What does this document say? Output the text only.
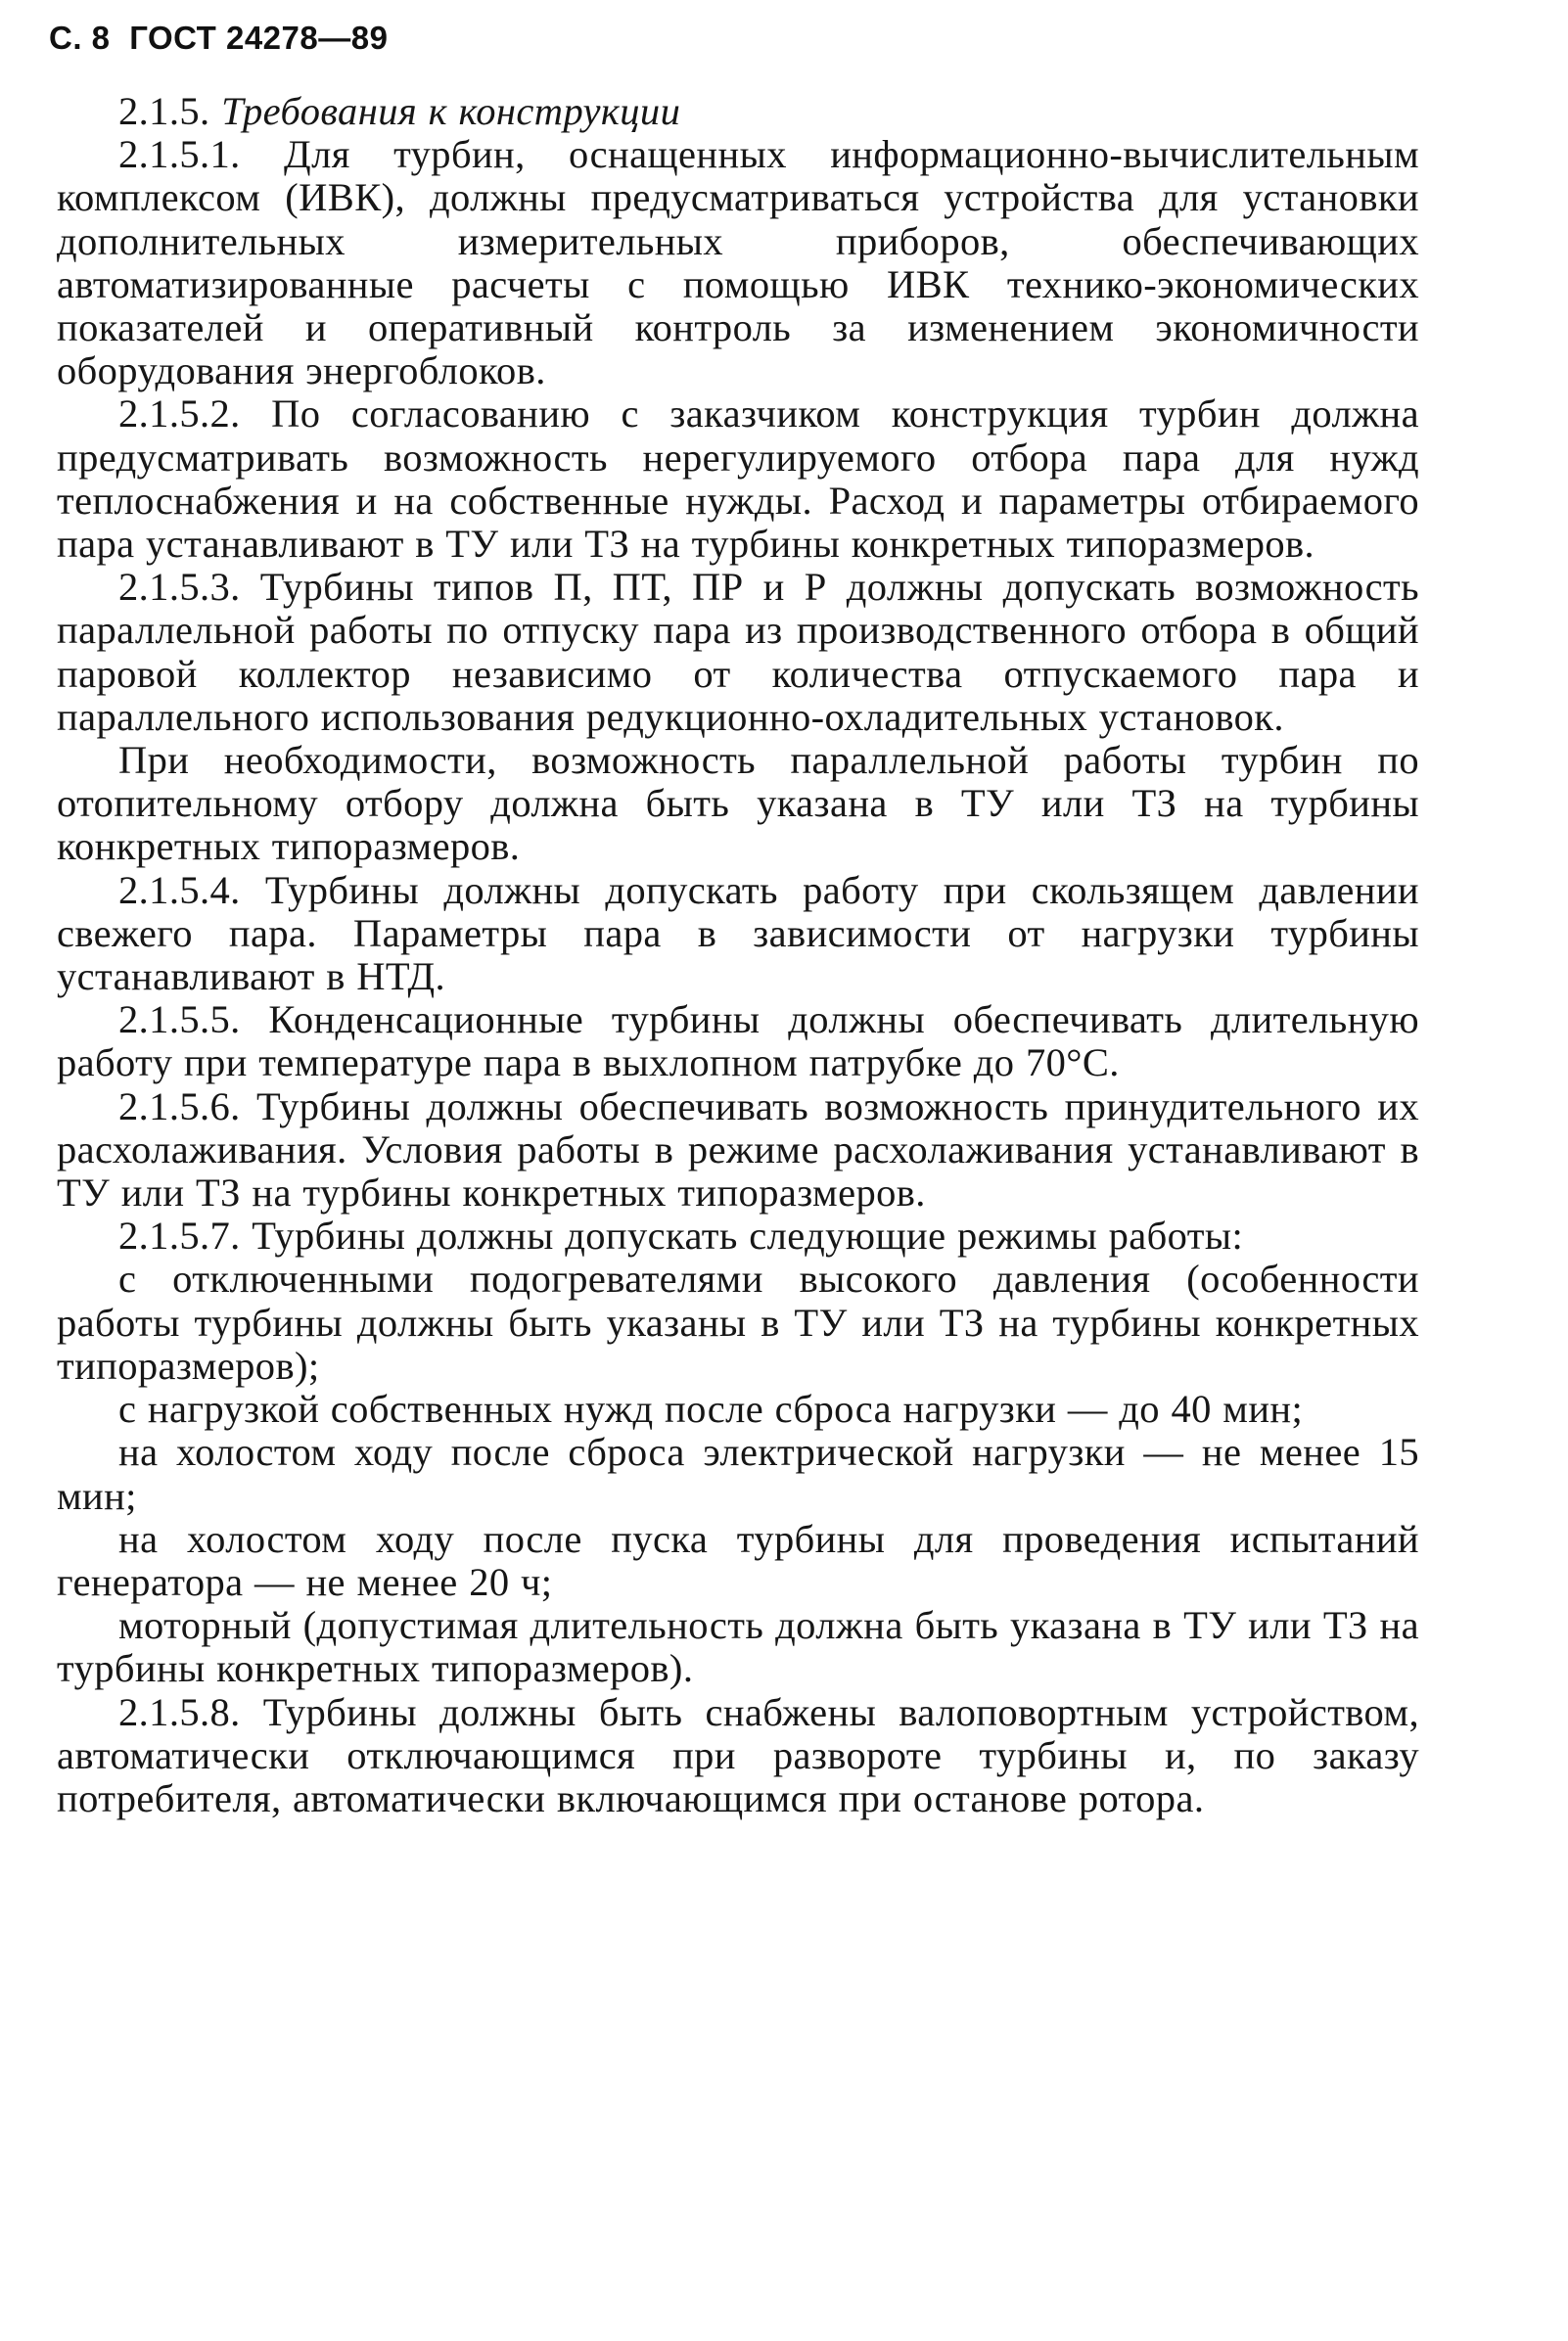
С. 8 ГОСТ 24278—89

2.1.5. Требования к конструкции

2.1.5.1. Для турбин, оснащенных информационно-вычислительным комплексом (ИВК), должны предусматриваться устройства для установки дополнительных измерительных приборов, обеспечивающих автоматизированные расчеты с помощью ИВК технико-экономических показателей и оперативный контроль за изменением экономичности оборудования энергоблоков.

2.1.5.2. По согласованию с заказчиком конструкция турбин должна предусматривать возможность нерегулируемого отбора пара для нужд теплоснабжения и на собственные нужды. Расход и параметры отбираемого пара устанавливают в ТУ или ТЗ на турбины конкретных типоразмеров.

2.1.5.3. Турбины типов П, ПТ, ПР и Р должны допускать возможность параллельной работы по отпуску пара из производственного отбора в общий паровой коллектор независимо от количества отпускаемого пара и параллельного использования редукционно-охладительных установок.

При необходимости, возможность параллельной работы турбин по отопительному отбору должна быть указана в ТУ или ТЗ на турбины конкретных типоразмеров.

2.1.5.4. Турбины должны допускать работу при скользящем давлении свежего пара. Параметры пара в зависимости от нагрузки турбины устанавливают в НТД.

2.1.5.5. Конденсационные турбины должны обеспечивать длительную работу при температуре пара в выхлопном патрубке до 70°С.

2.1.5.6. Турбины должны обеспечивать возможность принудительного их расхолаживания. Условия работы в режиме расхолаживания устанавливают в ТУ или ТЗ на турбины конкретных типоразмеров.

2.1.5.7. Турбины должны допускать следующие режимы работы:

с отключенными подогревателями высокого давления (особенности работы турбины должны быть указаны в ТУ или ТЗ на турбины конкретных типоразмеров);

с нагрузкой собственных нужд после сброса нагрузки — до 40 мин;

на холостом ходу после сброса электрической нагрузки — не менее 15 мин;

на холостом ходу после пуска турбины для проведения испытаний генератора — не менее 20 ч;

моторный (допустимая длительность должна быть указана в ТУ или ТЗ на турбины конкретных типоразмеров).

2.1.5.8. Турбины должны быть снабжены валоповортным устройством, автоматически отключающимся при развороте турбины и, по заказу потребителя, автоматически включающимся при останове ротора.
